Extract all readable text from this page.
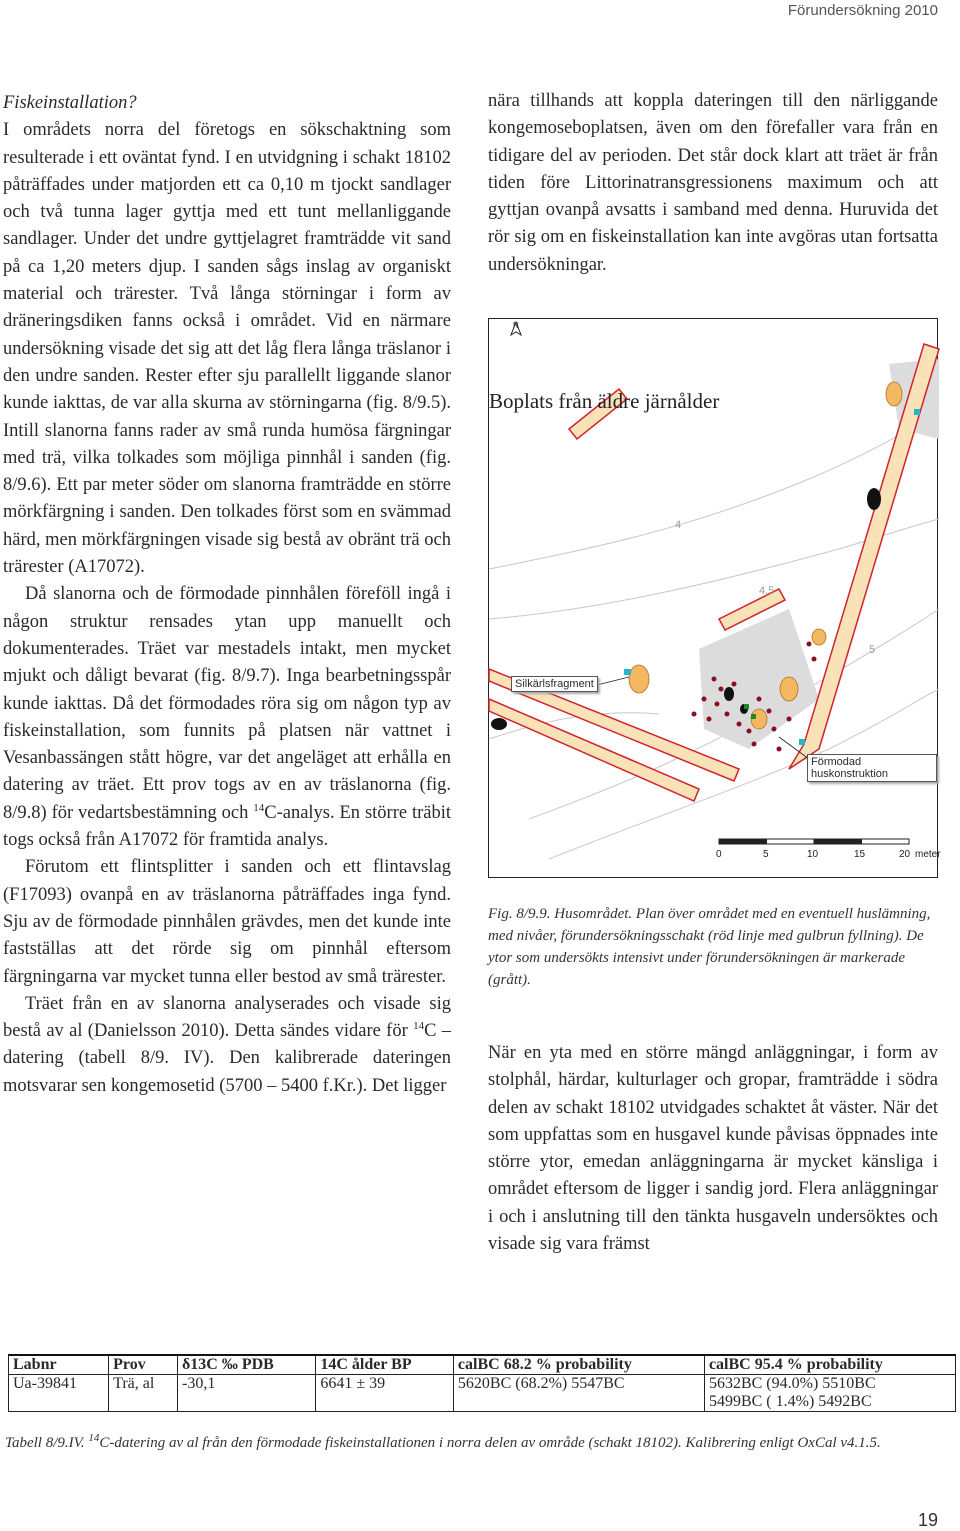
Förundersökning 2010

Fiskeinstallation?

I områdets norra del företogs en sökschaktning som resulterade i ett oväntat fynd. I en utvidgning i schakt 18102 påträffades under matjorden ett ca 0,10 m tjockt sandlager och två tunna lager gyttja med ett tunt mellanliggande sandlager. Under det undre gyttjelagret framträdde vit sand på ca 1,20 meters djup. I sanden sågs inslag av organiskt material och trärester. Två långa störningar i form av dräneringsdiken fanns också i området. Vid en närmare undersökning visade det sig att det låg flera långa träslanor i den undre sanden. Rester efter sju parallellt liggande slanor kunde iakttas, de var alla skurna av störningarna (fig. 8/9.5). Intill slanorna fanns rader av små runda humösa färgningar med trä, vilka tolkades som möjliga pinnhål i sanden (fig. 8/9.6). Ett par meter söder om slanorna framträdde en större mörkfärgning i sanden. Den tolkades först som en svämmad härd, men mörkfärgningen visade sig bestå av obränt trä och trärester (A17072).

Då slanorna och de förmodade pinnhålen föreföll ingå i någon struktur rensades ytan upp manuellt och dokumenterades. Träet var mestadels intakt, men mycket mjukt och dåligt bevarat (fig. 8/9.7). Inga bearbetningsspår kunde iakttas. Då det förmodades röra sig om någon typ av fiskeinstallation, som funnits på platsen när vattnet i Vesanbassängen stått högre, var det angeläget att erhålla en datering av träet. Ett prov togs av en av träslanorna (fig. 8/9.8) för vedartsbestämning och $^{14}$C-analys. En större träbit togs också från A17072 för framtida analys.

Förutom ett flintsplitter i sanden och ett flintavslag (F17093) ovanpå en av träslanorna påträffades inga fynd. Sju av de förmodade pinnhålen grävdes, men det kunde inte fastställas att det rörde sig om pinnhål eftersom färgningarna var mycket tunna eller bestod av små trärester.

Träet från en av slanorna analyserades och visade sig bestå av al (Danielsson 2010). Detta sändes vidare för $^{14}$C –datering (tabell 8/9. IV). Den kalibrerade dateringen motsvarar sen kongemosetid (5700 – 5400 f.Kr.). Det ligger

nära tillhands att koppla dateringen till den närliggande kongemoseboplatsen, även om den förefaller vara från en tidigare del av perioden. Det står dock klart att träet är från tiden före Littorinatransgressionens maximum och att gyttjan ovanpå avsatts i samband med denna. Huruvida det rör sig om en fiskeinstallation kan inte avgöras utan fortsatta undersökningar.

N
Boplats från äldre järnålder
4
4,5
5
Silkärlsfragment
Förmodad huskonstruktion
0	5	10	15	20 meter
Fig. 8/9.9. Husområdet. Plan över området med en eventuell huslämning, med nivåer, förundersökningsschakt (röd linje med gulbrun fyllning). De ytor som undersökts intensivt under förundersökningen är markerade (grått).

När en yta med en större mängd anläggningar, i form av stolphål, härdar, kulturlager och gropar, framträdde i södra delen av schakt 18102 utvidgades schaktet åt väster. När det som uppfattas som en husgavel kunde påvisas öppnades inte större ytor, emedan anläggningarna är mycket känsliga i området eftersom de ligger i sandig jord. Flera anläggningar i och i anslutning till den tänkta husgaveln undersöktes och visade sig vara främst

Labnr	Prov	δ13C ‰ PDB	14C ålder BP	calBC 68.2 % probability	calBC 95.4 % probability
Ua-39841	Trä, al	-30,1	6641 ± 39	5620BC (68.2%) 5547BC	5632BC (94.0%) 5510BC
5499BC ( 1.4%) 5492BC
Tabell 8/9.IV. $^{14}$C-datering av al från den förmodade fiskeinstallationen i norra delen av område (schakt 18102). Kalibrering enligt OxCal v4.1.5.
19
